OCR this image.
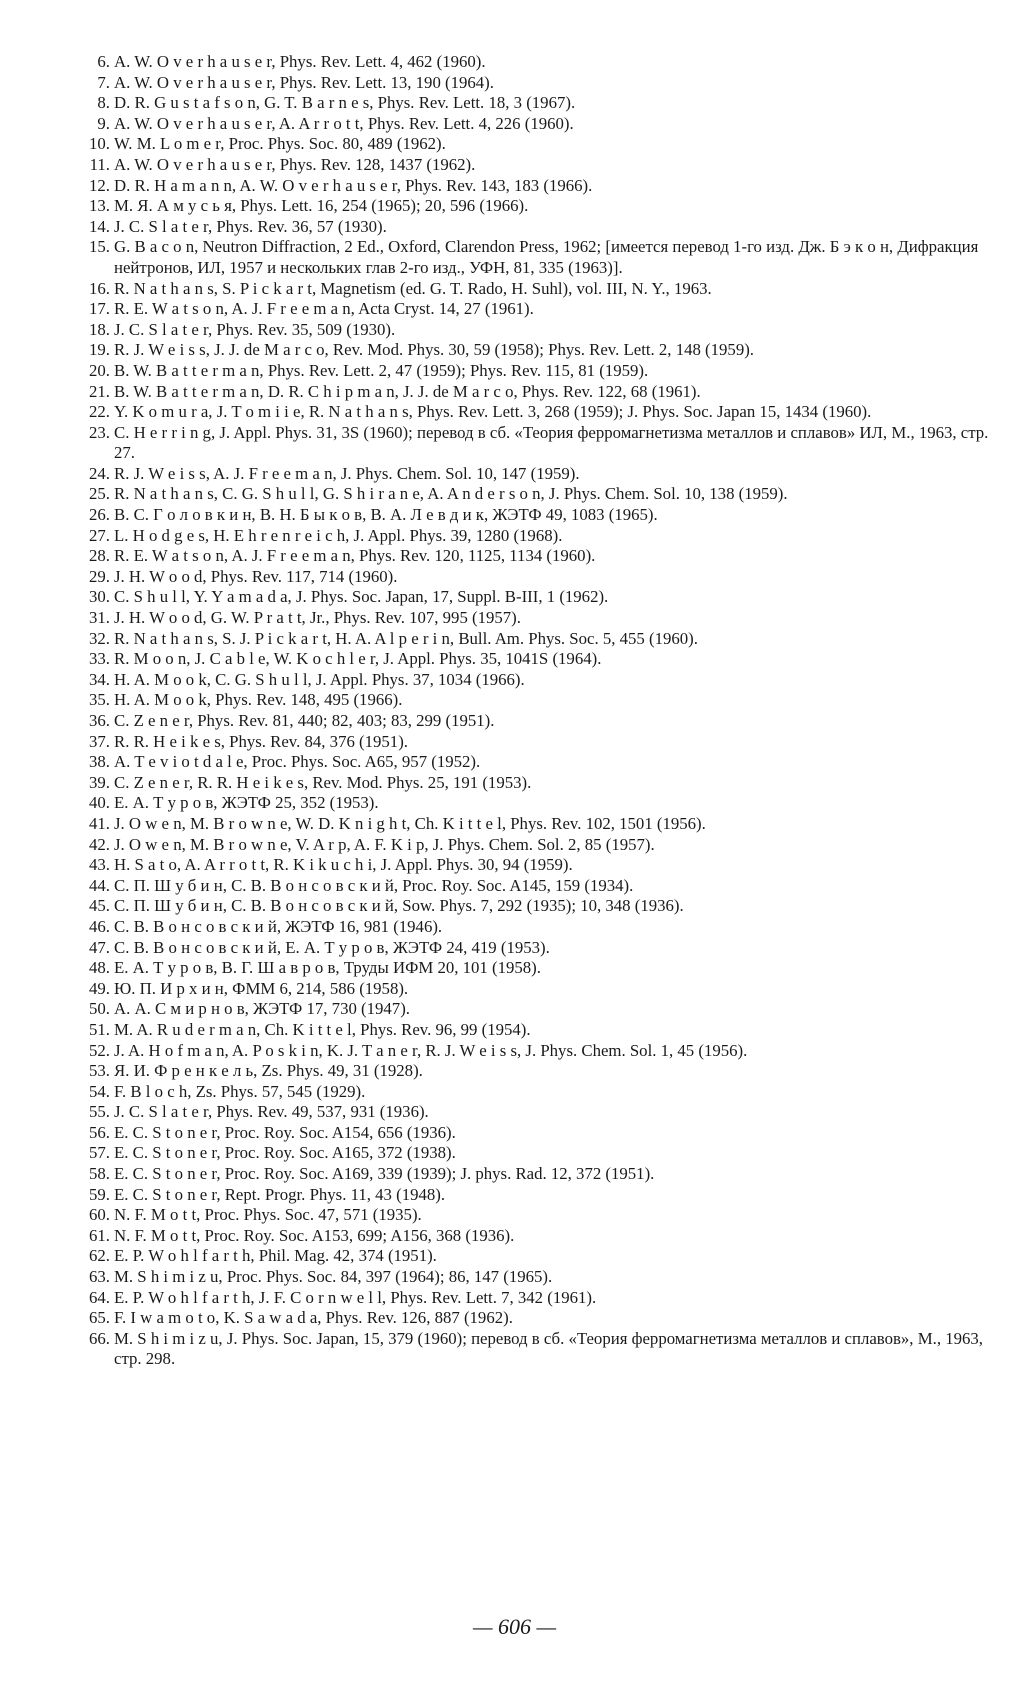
6. A. W. O v e r h a u s e r, Phys. Rev. Lett. 4, 462 (1960).
7. A. W. O v e r h a u s e r, Phys. Rev. Lett. 13, 190 (1964).
8. D. R. G u s t a f s o n, G. T. B a r n e s, Phys. Rev. Lett. 18, 3 (1967).
9. A. W. O v e r h a u s e r, A. A r r o t t, Phys. Rev. Lett. 4, 226 (1960).
10. W. M. L o m e r, Proc. Phys. Soc. 80, 489 (1962).
11. A. W. O v e r h a u s e r, Phys. Rev. 128, 1437 (1962).
12. D. R. H a m a n n, A. W. O v e r h a u s e r, Phys. Rev. 143, 183 (1966).
13. M. Я. А м у с ь я, Phys. Lett. 16, 254 (1965); 20, 596 (1966).
14. J. C. S l a t e r, Phys. Rev. 36, 57 (1930).
15. G. B a c o n, Neutron Diffraction, 2 Ed., Oxford, Clarendon Press, 1962; [имеется перевод 1-го изд. Дж. Б э к о н, Дифракция нейтронов, ИЛ, 1957 и нескольких глав 2-го изд., УФН, 81, 335 (1963)].
16. R. N a t h a n s, S. P i c k a r t, Magnetism (ed. G. T. Rado, H. Suhl), vol. III, N. Y., 1963.
17. R. E. W a t s o n, A. J. F r e e m a n, Acta Cryst. 14, 27 (1961).
18. J. C. S l a t e r, Phys. Rev. 35, 509 (1930).
19. R. J. W e i s s, J. J. de M a r c o, Rev. Mod. Phys. 30, 59 (1958); Phys. Rev. Lett. 2, 148 (1959).
20. B. W. B a t t e r m a n, Phys. Rev. Lett. 2, 47 (1959); Phys. Rev. 115, 81 (1959).
21. B. W. B a t t e r m a n, D. R. C h i p m a n, J. J. de M a r c o, Phys. Rev. 122, 68 (1961).
22. Y. K o m u r a, J. T o m i i e, R. N a t h a n s, Phys. Rev. Lett. 3, 268 (1959); J. Phys. Soc. Japan 15, 1434 (1960).
23. C. H e r r i n g, J. Appl. Phys. 31, 3S (1960); перевод в сб. «Теория ферромагнетизма металлов и сплавов» ИЛ, М., 1963, стр. 27.
24. R. J. W e i s s, A. J. F r e e m a n, J. Phys. Chem. Sol. 10, 147 (1959).
25. R. N a t h a n s, C. G. S h u l l, G. S h i r a n e, A. A n d e r s o n, J. Phys. Chem. Sol. 10, 138 (1959).
26. В. С. Г о л о в к и н, В. Н. Б ы к о в, В. А. Л е в д и к, ЖЭТФ 49, 1083 (1965).
27. L. H o d g e s, H. E h r e n r e i c h, J. Appl. Phys. 39, 1280 (1968).
28. R. E. W a t s o n, A. J. F r e e m a n, Phys. Rev. 120, 1125, 1134 (1960).
29. J. H. W o o d, Phys. Rev. 117, 714 (1960).
30. C. S h u l l, Y. Y a m a d a, J. Phys. Soc. Japan, 17, Suppl. B-III, 1 (1962).
31. J. H. W o o d, G. W. P r a t t, Jr., Phys. Rev. 107, 995 (1957).
32. R. N a t h a n s, S. J. P i c k a r t, H. A. A l p e r i n, Bull. Am. Phys. Soc. 5, 455 (1960).
33. R. M o o n, J. C a b l e, W. K o c h l e r, J. Appl. Phys. 35, 1041S (1964).
34. H. A. M o o k, C. G. S h u l l, J. Appl. Phys. 37, 1034 (1966).
35. H. A. M o o k, Phys. Rev. 148, 495 (1966).
36. C. Z e n e r, Phys. Rev. 81, 440; 82, 403; 83, 299 (1951).
37. R. R. H e i k e s, Phys. Rev. 84, 376 (1951).
38. A. T e v i o t d a l e, Proc. Phys. Soc. A65, 957 (1952).
39. C. Z e n e r, R. R. H e i k e s, Rev. Mod. Phys. 25, 191 (1953).
40. Е. А. Т у р о в, ЖЭТФ 25, 352 (1953).
41. J. O w e n, M. B r o w n e, W. D. K n i g h t, Ch. K i t t e l, Phys. Rev. 102, 1501 (1956).
42. J. O w e n, M. B r o w n e, V. A r p, A. F. K i p, J. Phys. Chem. Sol. 2, 85 (1957).
43. H. S a t o, A. A r r o t t, R. K i k u c h i, J. Appl. Phys. 30, 94 (1959).
44. С. П. Ш у б и н, С. В. В о н с о в с к и й, Proc. Roy. Soc. A145, 159 (1934).
45. С. П. Ш у б и н, С. В. В о н с о в с к и й, Sow. Phys. 7, 292 (1935); 10, 348 (1936).
46. С. В. В о н с о в с к и й, ЖЭТФ 16, 981 (1946).
47. С. В. В о н с о в с к и й, Е. А. Т у р о в, ЖЭТФ 24, 419 (1953).
48. Е. А. Т у р о в, В. Г. Ш а в р о в, Труды ИФМ 20, 101 (1958).
49. Ю. П. И р х и н, ФММ 6, 214, 586 (1958).
50. А. А. С м и р н о в, ЖЭТФ 17, 730 (1947).
51. M. A. R u d e r m a n, Ch. K i t t e l, Phys. Rev. 96, 99 (1954).
52. J. A. H o f m a n, A. P o s k i n, K. J. T a n e r, R. J. W e i s s, J. Phys. Chem. Sol. 1, 45 (1956).
53. Я. И. Ф р е н к е л ь, Zs. Phys. 49, 31 (1928).
54. F. B l o c h, Zs. Phys. 57, 545 (1929).
55. J. C. S l a t e r, Phys. Rev. 49, 537, 931 (1936).
56. E. C. S t o n e r, Proc. Roy. Soc. A154, 656 (1936).
57. E. C. S t o n e r, Proc. Roy. Soc. A165, 372 (1938).
58. E. C. S t o n e r, Proc. Roy. Soc. A169, 339 (1939); J. phys. Rad. 12, 372 (1951).
59. E. C. S t o n e r, Rept. Progr. Phys. 11, 43 (1948).
60. N. F. M o t t, Proc. Phys. Soc. 47, 571 (1935).
61. N. F. M o t t, Proc. Roy. Soc. A153, 699; A156, 368 (1936).
62. E. P. W o h l f a r t h, Phil. Mag. 42, 374 (1951).
63. M. S h i m i z u, Proc. Phys. Soc. 84, 397 (1964); 86, 147 (1965).
64. E. P. W o h l f a r t h, J. F. C o r n w e l l, Phys. Rev. Lett. 7, 342 (1961).
65. F. I w a m o t o, K. S a w a d a, Phys. Rev. 126, 887 (1962).
66. M. S h i m i z u, J. Phys. Soc. Japan, 15, 379 (1960); перевод в сб. «Теория ферромагнетизма металлов и сплавов», М., 1963, стр. 298.
— 606 —
